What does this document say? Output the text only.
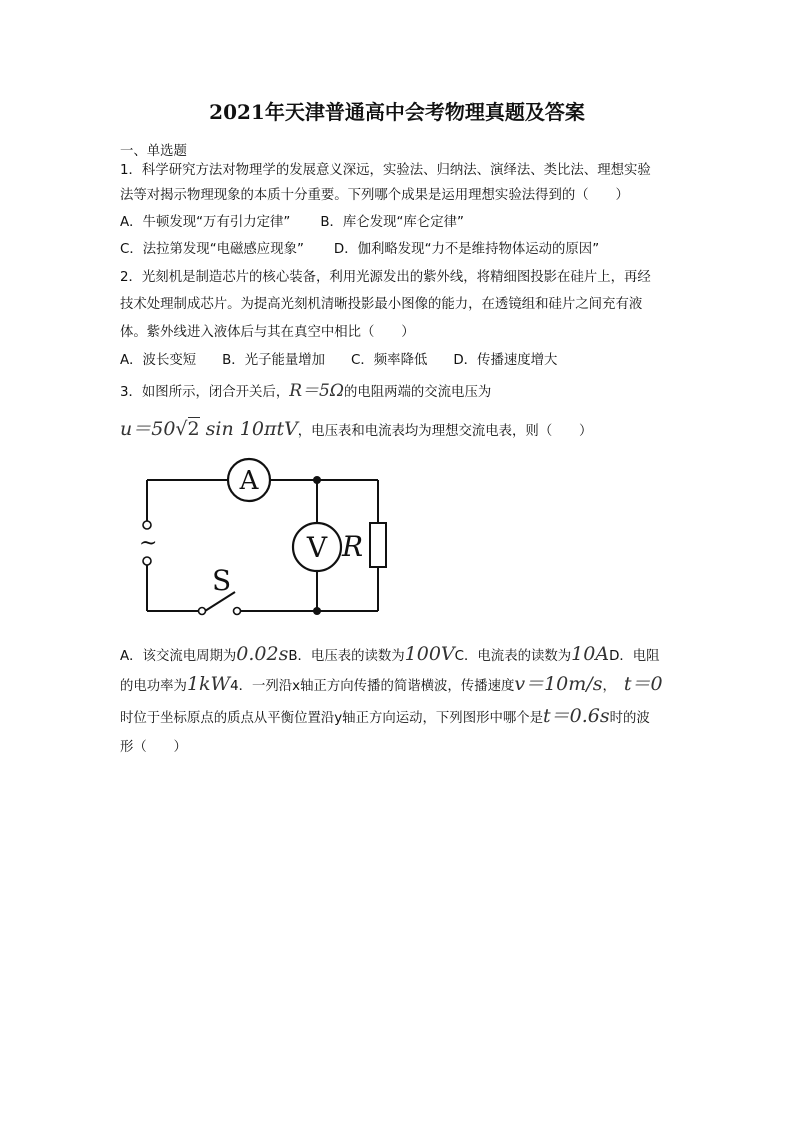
2021年天津普通高中会考物理真题及答案
一、单选题
1．科学研究方法对物理学的发展意义深远，实验法、归纳法、演绎法、类比法、理想实验
法等对揭示物理现象的本质十分重要。下列哪个成果是运用理想实验法得到的（　　）
A．牛顿发现“万有引力定律” B．库仑发现“库仑定律”
C．法拉第发现“电磁感应现象” D．伽利略发现“力不是维持物体运动的原因”
2．光刻机是制造芯片的核心装备，利用光源发出的紫外线，将精细图投影在硅片上，再经
技术处理制成芯片。为提高光刻机清晰投影最小图像的能力，在透镜组和硅片之间充有液
体。紫外线进入液体后与其在真空中相比（　　）
A．波长变短 B．光子能量增加 C．频率降低 D．传播速度增大
3．如图所示，闭合开关后，R＝5Ω的电阻两端的交流电压为
u＝50√2 sin 10πtV，电压表和电流表均为理想交流电表，则（　　）
~
S
A
V R
A．该交流电周期为0.02sB．电压表的读数为100VC．电流表的读数为10AD．电阻
的电功率为1kW4．一列沿x轴正方向传播的简谐横波，传播速度v＝10m/s， t＝0
时位于坐标原点的质点从平衡位置沿y轴正方向运动，下列图形中哪个是t＝0.6s时的波
形（　　）
